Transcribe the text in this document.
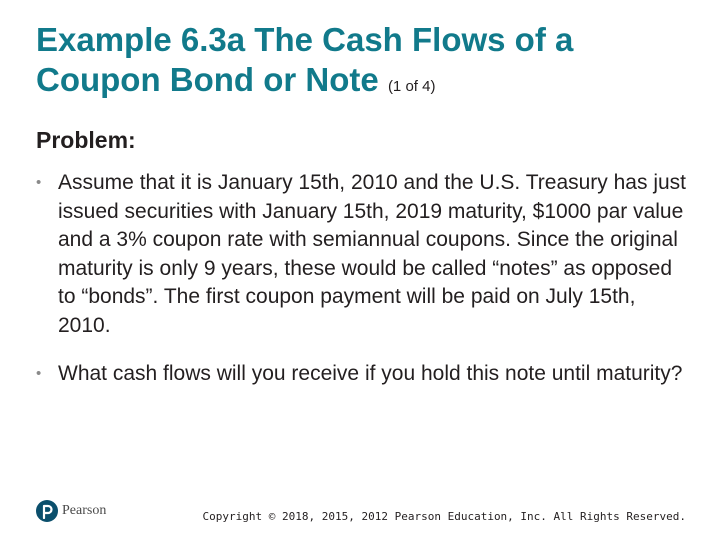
Example 6.3a The Cash Flows of a Coupon Bond or Note (1 of 4)
Problem:
• Assume that it is January 15th, 2010 and the U.S. Treasury has just issued securities with January 15th, 2019 maturity, $1000 par value and a 3% coupon rate with semiannual coupons. Since the original maturity is only 9 years, these would be called “notes” as opposed to “bonds”. The first coupon payment will be paid on July 15th, 2010.
• What cash flows will you receive if you hold this note until maturity?
Pearson	Copyright © 2018, 2015, 2012 Pearson Education, Inc. All Rights Reserved.
